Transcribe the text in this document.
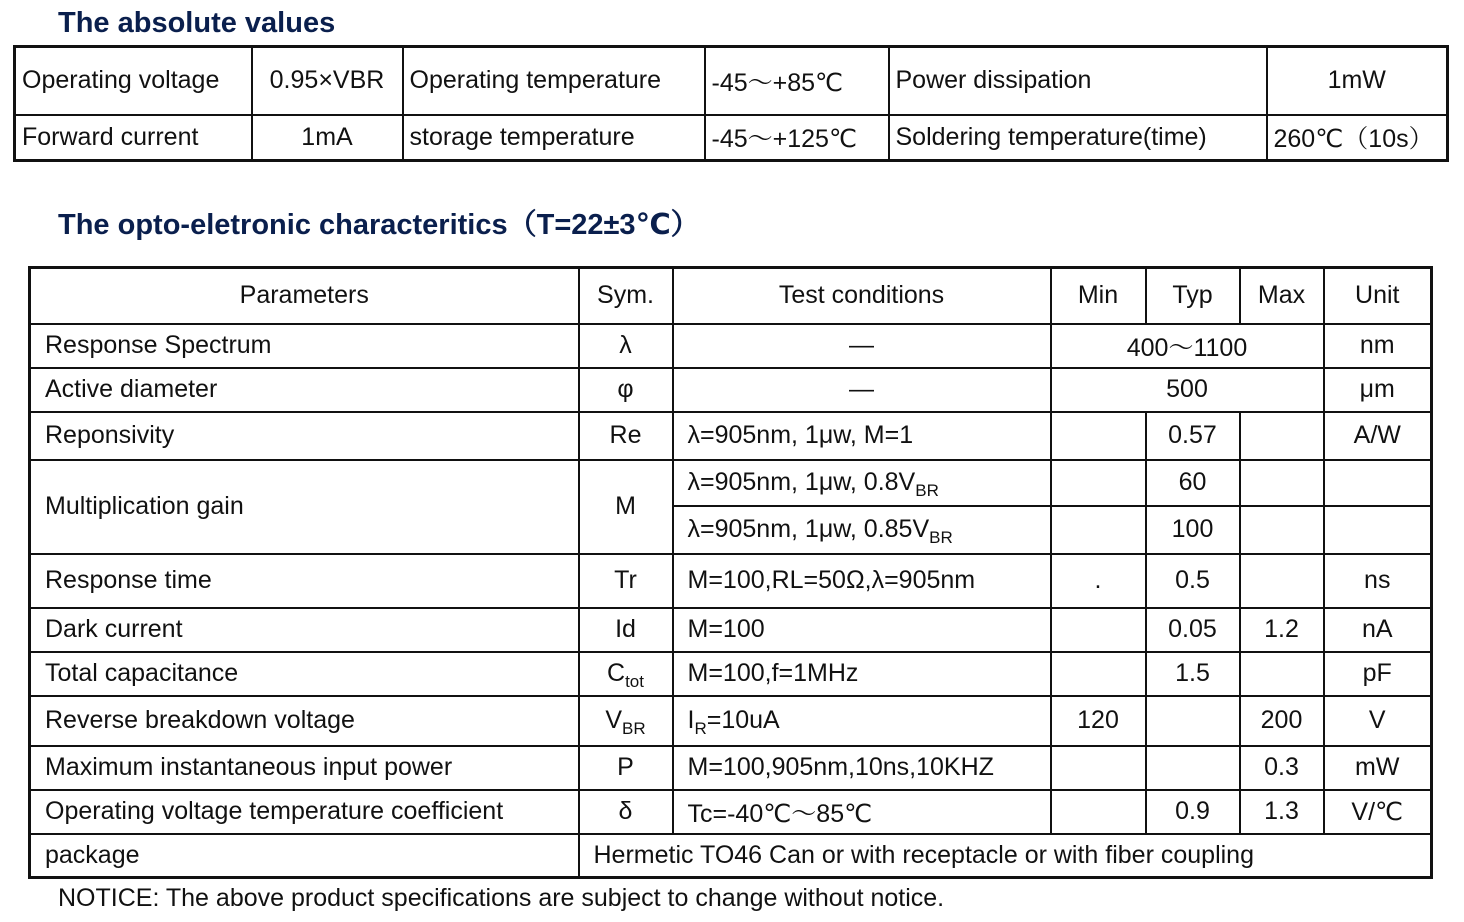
The absolute values
Operating voltage	0.95×VBR	Operating temperature	-45～+85℃	Power dissipation	1mW
Forward current	1mA	storage temperature	-45～+125℃	Soldering temperature(time)	260℃（10s）
The opto-eletronic characteritics（T=22±3℃）
Parameters	Sym.	Test conditions	Min	Typ	Max	Unit
Response Spectrum	λ	—	400～1100			nm
Active diameter	φ	—	500			μm
Reponsivity	Re	λ=905nm, 1μw, M=1		0.57		A/W
Multiplication gain	M	λ=905nm, 1μw, $0.8V_{BR}$		60		
		λ=905nm, 1μw, $0.85V_{BR}$		100		
Response time	Tr	M=100,RL=50Ω,λ=905nm	.	0.5		ns
Dark current	Id	M=100		0.05	1.2	nA
Total capacitance	$C_{tot}$	M=100,f=1MHz		1.5		pF
Reverse breakdown voltage	$V_{BR}$	$I_R=10uA$	120		200	V
Maximum instantaneous input power	P	M=100,905nm,10ns,10KHZ			0.3	mW
Operating voltage temperature coefficient	δ	Tc=-40℃～85℃		0.9	1.3	V/℃
package	Hermetic TO46 Can or with receptacle or with fiber coupling					
NOTICE: The above product specifications are subject to change without notice.
